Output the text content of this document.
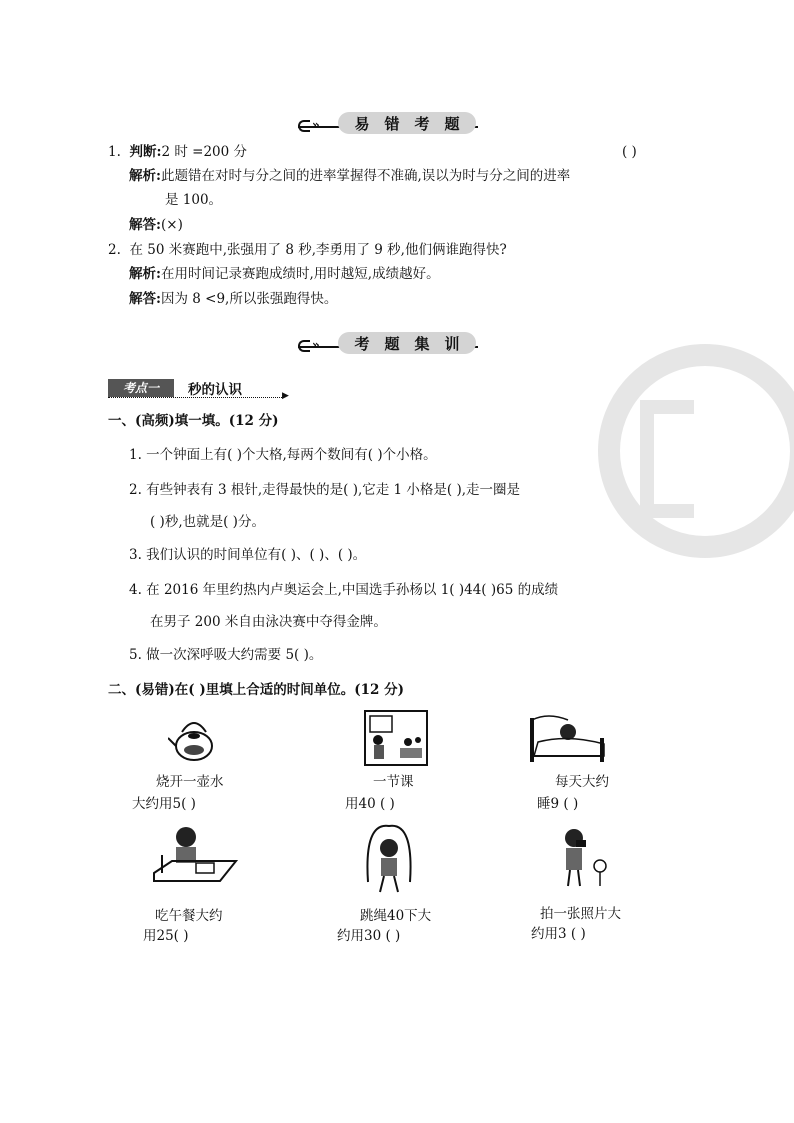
»	易错考题
1. 判断:2 时 =200 分	( )
解析:此题错在对时与分之间的进率掌握得不准确,误以为时与分之间的进率
是 100。
解答:(×)
2. 在 50 米赛跑中,张强用了 8 秒,李勇用了 9 秒,他们俩谁跑得快?
解析:在用时间记录赛跑成绩时,用时越短,成绩越好。
解答:因为 8 <9,所以张强跑得快。
»	考题集训
考点一	秒的认识	▶
一、(高频)填一填。(12 分)
1. 一个钟面上有( )个大格,每两个数间有( )个小格。
2. 有些钟表有 3 根针,走得最快的是( ),它走 1 小格是( ),走一圈是
( )秒,也就是( )分。
3. 我们认识的时间单位有( )、( )、( )。
4. 在 2016 年里约热内卢奥运会上,中国选手孙杨以 1( )44( )65 的成绩
在男子 200 米自由泳决赛中夺得金牌。
5. 做一次深呼吸大约需要 5( )。
二、(易错)在( )里填上合适的时间单位。(12 分)
烧开一壶水
大约用5( )
一节课
用40 ( )
每天大约
睡9 ( )
吃午餐大约
用25( )
跳绳40下大
约用30 ( )
拍一张照片大
约用3 ( )
